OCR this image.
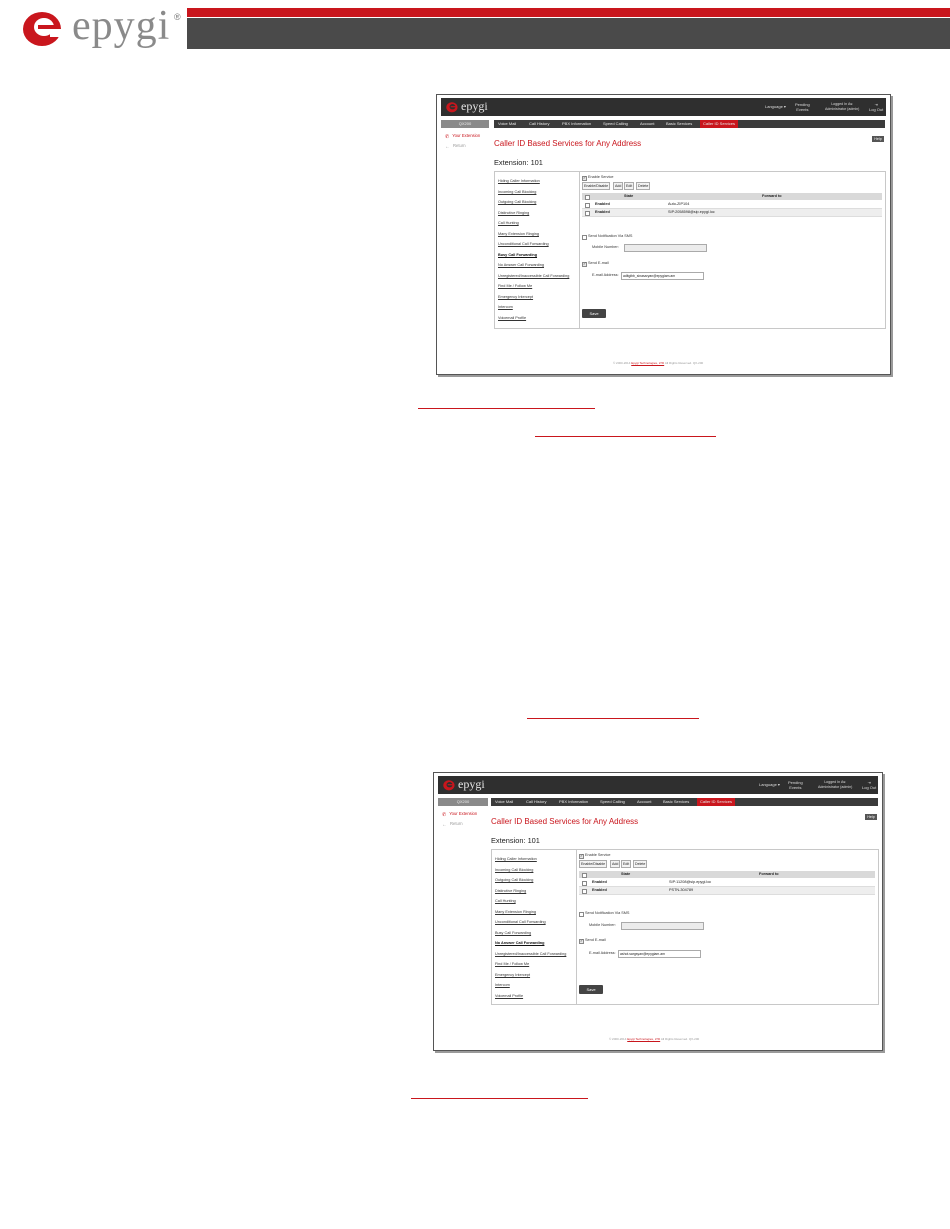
epygi ®
epygi	Language ▾ Pending
Events
Logged In As:
Administrator (admin)
⇥
Log Out
QX200	Voice Mail	Call History	PBX Information	Speed Calling	Account	Basic Services	Caller ID Services
✆ Your Extension
← Return	Caller ID Based Services for Any Address	Help
Extension: 101
Hiding Caller Information
Incoming Call Blocking
Outgoing Call Blocking
Distinctive Ringing
Call Hunting
Many Extension Ringing
Unconditional Call Forwarding
Busy Call Forwarding
No Answer Call Forwarding
Unregistered/Inaccessible Call Forwarding
Find Me / Follow Me
Emergency Intercept
Intercom
Voicemail Profile
✓ Enable Service
Enable/Disable	Add	Edit	Delete
State	Forward to
Enabled	Auto-ZIP104
Enabled	SIP:2058598@sip.epygi.loc
Send Notification Via SMS
Mobile Number:
✓ Send E-mail
E-mail Address:	aditgibb_sinasaryan@epygiam.am
Save
© 2000-2014 Epygi Technologies, LTD All Rights Reserved. QX-200
epygi	Language ▾ Pending
Events
Logged In As:
Administrator (admin)
⇥
Log Out
QX200	Voice Mail	Call History	PBX Information	Speed Calling	Account	Basic Services	Caller ID Services
✆ Your Extension
← Return	Caller ID Based Services for Any Address	Help
Extension: 101
Hiding Caller Information
Incoming Call Blocking
Outgoing Call Blocking
Distinctive Ringing
Call Hunting
Many Extension Ringing
Unconditional Call Forwarding
Busy Call Forwarding
No Answer Call Forwarding
Unregistered/Inaccessible Call Forwarding
Find Me / Follow Me
Emergency Intercept
Intercom
Voicemail Profile
✓ Enable Service
Enable/Disable	Add	Edit	Delete
State	Forward to
Enabled	SIP:11208@sip.epygi.loc
Enabled	PSTN-304789
Send Notification Via SMS
Mobile Number:
✓ Send E-mail
E-mail Address:	ashot.sargsyan@epygiam.am
Save
© 2000-2014 Epygi Technologies, LTD All Rights Reserved. QX-200
